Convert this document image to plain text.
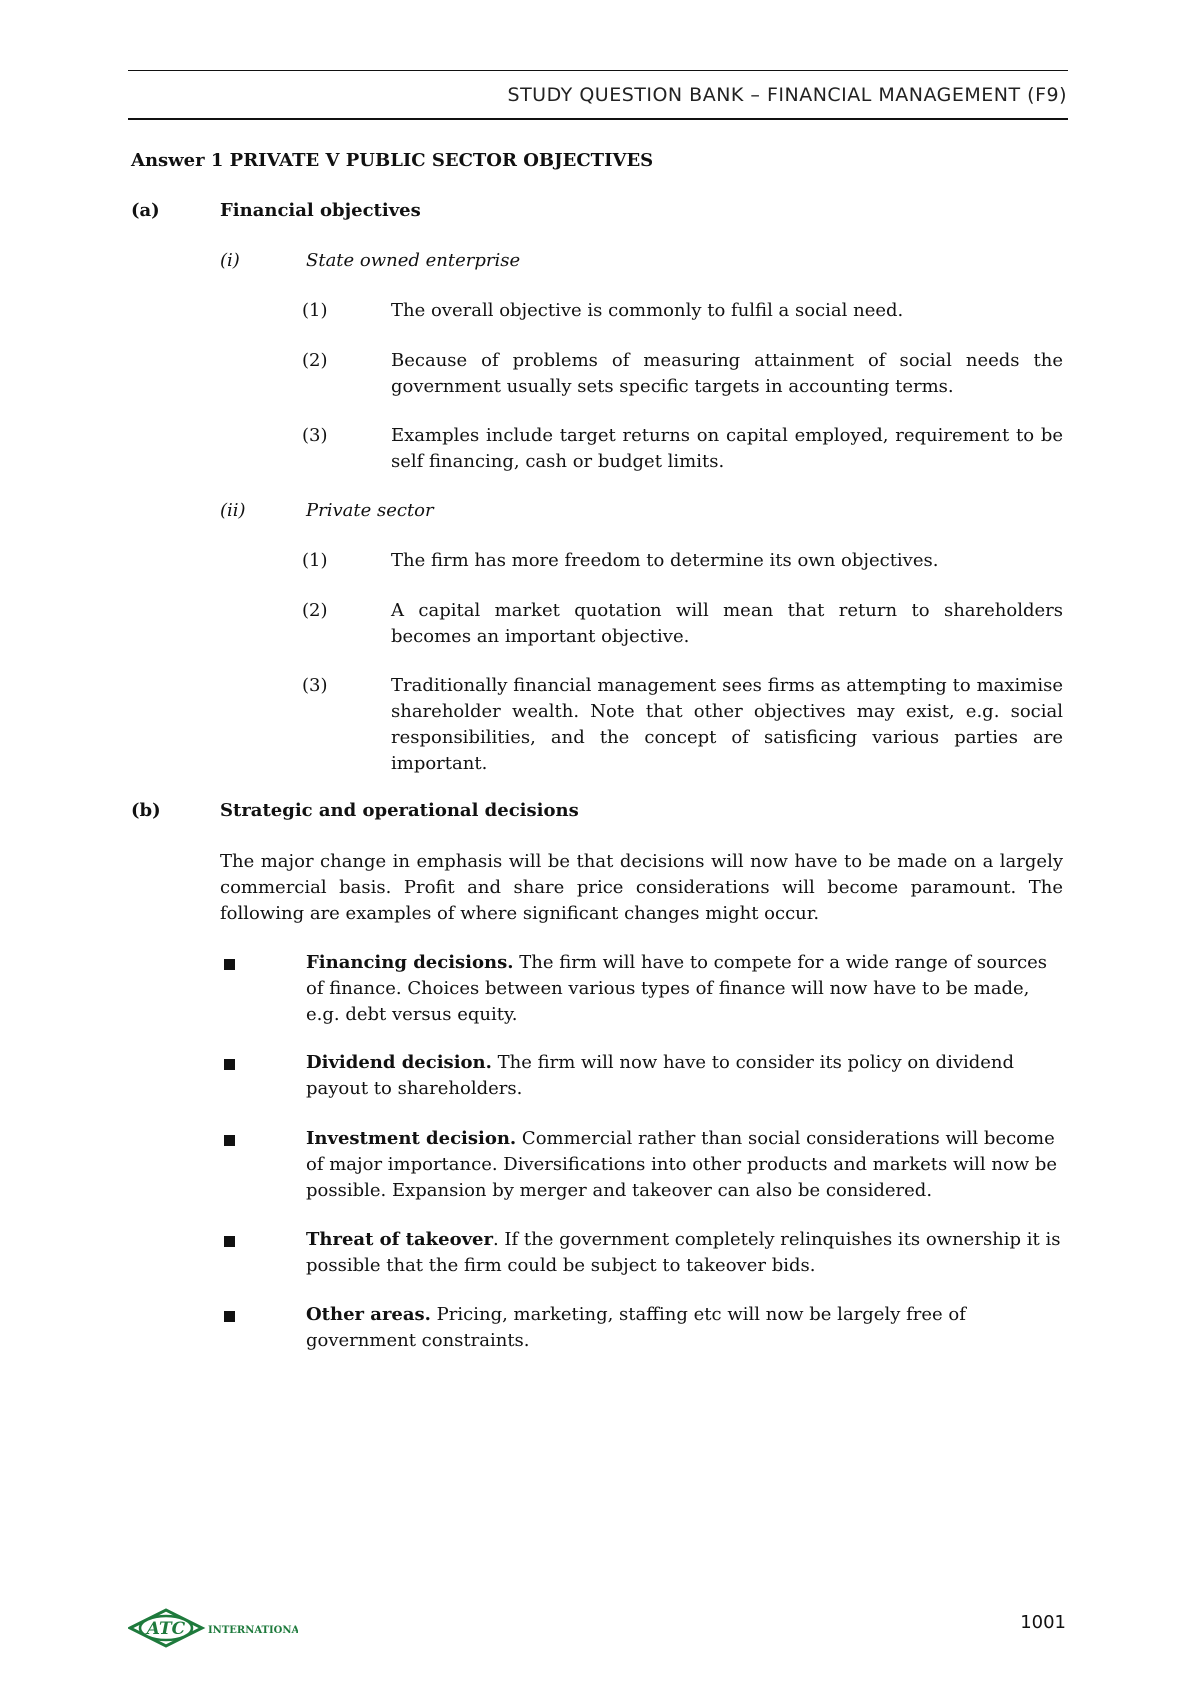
STUDY QUESTION BANK – FINANCIAL MANAGEMENT (F9)
Answer 1 PRIVATE V PUBLIC SECTOR OBJECTIVES
(a)	Financial objectives
(i)	State owned enterprise
(1)	The overall objective is commonly to fulfil a social need.
(2)	Because of problems of measuring attainment of social needs the government usually sets specific targets in accounting terms.
(3)	Examples include target returns on capital employed, requirement to be self financing, cash or budget limits.
(ii)	Private sector
(1)	The firm has more freedom to determine its own objectives.
(2)	A capital market quotation will mean that return to shareholders becomes an important objective.
(3)	Traditionally financial management sees firms as attempting to maximise shareholder wealth. Note that other objectives may exist, e.g. social responsibilities, and the concept of satisficing various parties are important.
(b)	Strategic and operational decisions
The major change in emphasis will be that decisions will now have to be made on a largely commercial basis. Profit and share price considerations will become paramount. The following are examples of where significant changes might occur.
Financing decisions. The firm will have to compete for a wide range of sources of finance. Choices between various types of finance will now have to be made, e.g. debt versus equity.
Dividend decision. The firm will now have to consider its policy on dividend payout to shareholders.
Investment decision. Commercial rather than social considerations will become of major importance. Diversifications into other products and markets will now be possible. Expansion by merger and takeover can also be considered.
Threat of takeover. If the government completely relinquishes its ownership it is possible that the firm could be subject to takeover bids.
Other areas. Pricing, marketing, staffing etc will now be largely free of government constraints.
ATC INTERNATIONAL	1001
